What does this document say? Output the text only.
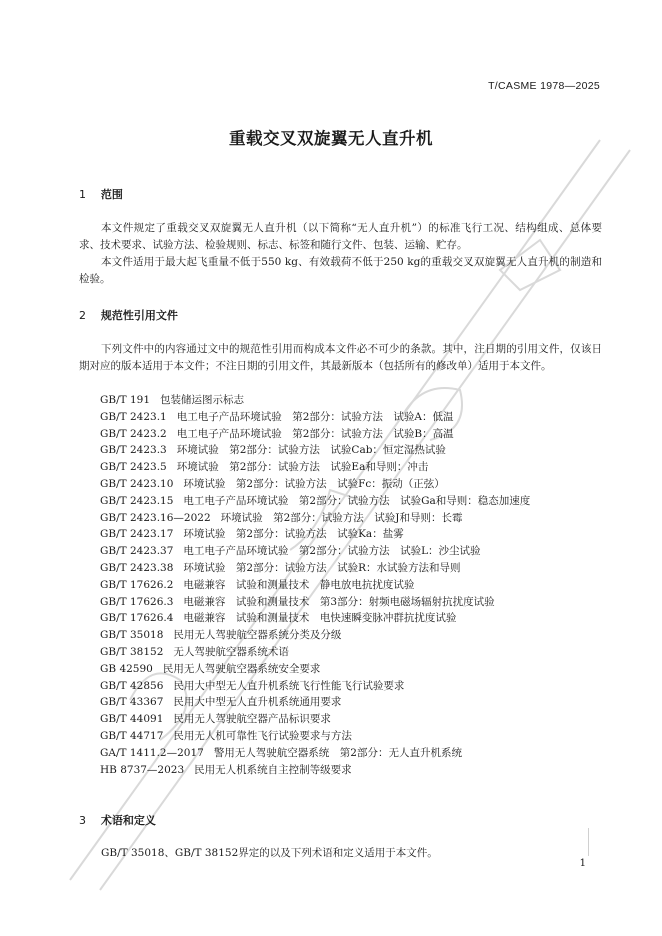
T/CASME 1978—2025
重载交叉双旋翼无人直升机
1 范围
本文件规定了重载交叉双旋翼无人直升机（以下简称“无人直升机”）的标准飞行工况、结构组成、总体要求、技术要求、试验方法、检验规则、标志、标签和随行文件、包装、运输、贮存。
本文件适用于最大起飞重量不低于550 kg、有效载荷不低于250 kg的重载交叉双旋翼无人直升机的制造和检验。
2 规范性引用文件
下列文件中的内容通过文中的规范性引用而构成本文件必不可少的条款。其中，注日期的引用文件，仅该日期对应的版本适用于本文件；不注日期的引用文件，其最新版本（包括所有的修改单）适用于本文件。
GB/T 191 包装储运图示标志
GB/T 2423.1 电工电子产品环境试验　第2部分：试验方法　试验A：低温
GB/T 2423.2 电工电子产品环境试验　第2部分：试验方法　试验B：高温
GB/T 2423.3 环境试验　第2部分：试验方法　试验Cab：恒定湿热试验
GB/T 2423.5 环境试验　第2部分：试验方法　试验Ea和导则：冲击
GB/T 2423.10 环境试验　第2部分：试验方法　试验Fc：振动（正弦）
GB/T 2423.15 电工电子产品环境试验　第2部分：试验方法　试验Ga和导则：稳态加速度
GB/T 2423.16—2022 环境试验　第2部分：试验方法　试验J和导则：长霉
GB/T 2423.17 环境试验　第2部分：试验方法　试验Ka：盐雾
GB/T 2423.37 电工电子产品环境试验　第2部分：试验方法　试验L：沙尘试验
GB/T 2423.38 环境试验　第2部分：试验方法　试验R：水试验方法和导则
GB/T 17626.2 电磁兼容　试验和测量技术　静电放电抗扰度试验
GB/T 17626.3 电磁兼容　试验和测量技术　第3部分：射频电磁场辐射抗扰度试验
GB/T 17626.4 电磁兼容　试验和测量技术　电快速瞬变脉冲群抗扰度试验
GB/T 35018 民用无人驾驶航空器系统分类及分级
GB/T 38152 无人驾驶航空器系统术语
GB 42590 民用无人驾驶航空器系统安全要求
GB/T 42856 民用大中型无人直升机系统飞行性能飞行试验要求
GB/T 43367 民用大中型无人直升机系统通用要求
GB/T 44091 民用无人驾驶航空器产品标识要求
GB/T 44717 民用无人机可靠性飞行试验要求与方法
GA/T 1411.2—2017 警用无人驾驶航空器系统　第2部分：无人直升机系统
HB 8737—2023 民用无人机系统自主控制等级要求
3 术语和定义
GB/T 35018、GB/T 38152界定的以及下列术语和定义适用于本文件。
1
